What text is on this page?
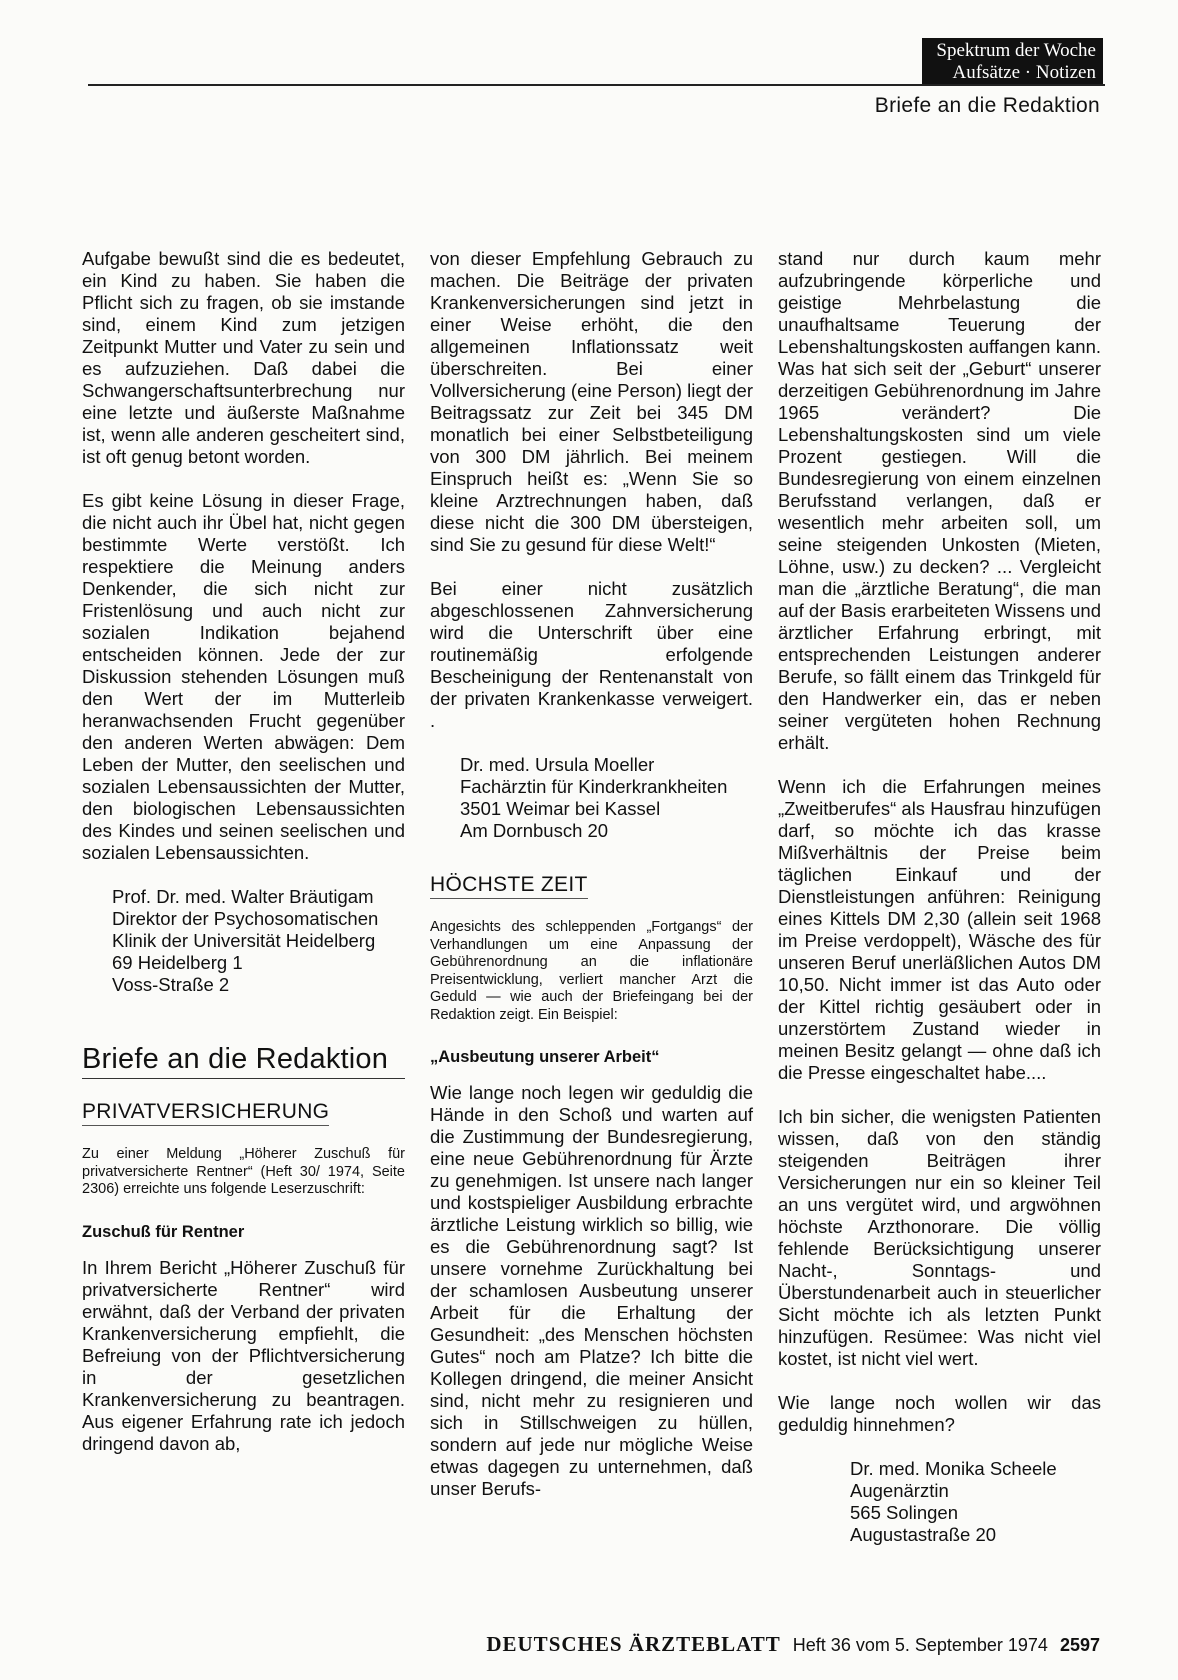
Spektrum der Woche
Aufsätze · Notizen
Briefe an die Redaktion

Aufgabe bewußt sind die es bedeutet, ein Kind zu haben. Sie haben die Pflicht sich zu fragen, ob sie imstande sind, einem Kind zum jetzigen Zeitpunkt Mutter und Vater zu sein und es aufzuziehen. Daß dabei die Schwangerschaftsunterbrechung nur eine letzte und äußerste Maßnahme ist, wenn alle anderen gescheitert sind, ist oft genug betont worden.

Es gibt keine Lösung in dieser Frage, die nicht auch ihr Übel hat, nicht gegen bestimmte Werte verstößt. Ich respektiere die Meinung anders Denkender, die sich nicht zur Fristenlösung und auch nicht zur sozialen Indikation bejahend entscheiden können. Jede der zur Diskussion stehenden Lösungen muß den Wert der im Mutterleib heranwachsenden Frucht gegenüber den anderen Werten abwägen: Dem Leben der Mutter, den seelischen und sozialen Lebensaussichten der Mutter, den biologischen Lebensaussichten des Kindes und seinen seelischen und sozialen Lebensaussichten.

Prof. Dr. med. Walter Bräutigam
Direktor der Psychosomatischen
Klinik der Universität Heidelberg
69 Heidelberg 1
Voss-Straße 2
Briefe an die Redaktion
PRIVATVERSICHERUNG

Zu einer Meldung „Höherer Zuschuß für privatversicherte Rentner“ (Heft 30/ 1974, Seite 2306) erreichte uns folgende Leserzuschrift:

Zuschuß für Rentner

In Ihrem Bericht „Höherer Zuschuß für privatversicherte Rentner“ wird erwähnt, daß der Verband der privaten Krankenversicherung empfiehlt, die Befreiung von der Pflichtversicherung in der gesetzlichen Krankenversicherung zu beantragen. Aus eigener Erfahrung rate ich jedoch dringend davon ab,

von dieser Empfehlung Gebrauch zu machen. Die Beiträge der privaten Krankenversicherungen sind jetzt in einer Weise erhöht, die den allgemeinen Inflationssatz weit überschreiten. Bei einer Vollversicherung (eine Person) liegt der Beitragssatz zur Zeit bei 345 DM monatlich bei einer Selbstbeteiligung von 300 DM jährlich. Bei meinem Einspruch heißt es: „Wenn Sie so kleine Arztrechnungen haben, daß diese nicht die 300 DM übersteigen, sind Sie zu gesund für diese Welt!“

Bei einer nicht zusätzlich abgeschlossenen Zahnversicherung wird die Unterschrift über eine routinemäßig erfolgende Bescheinigung der Rentenanstalt von der privaten Krankenkasse verweigert. .

Dr. med. Ursula Moeller
Fachärztin für Kinderkrankheiten
3501 Weimar bei Kassel
Am Dornbusch 20
HÖCHSTE ZEIT

Angesichts des schleppenden „Fortgangs“ der Verhandlungen um eine Anpassung der Gebührenordnung an die inflationäre Preisentwicklung, verliert mancher Arzt die Geduld — wie auch der Briefeingang bei der Redaktion zeigt. Ein Beispiel:

„Ausbeutung unserer Arbeit“

Wie lange noch legen wir geduldig die Hände in den Schoß und warten auf die Zustimmung der Bundesregierung, eine neue Gebührenordnung für Ärzte zu genehmigen. Ist unsere nach langer und kostspieliger Ausbildung erbrachte ärztliche Leistung wirklich so billig, wie es die Gebührenordnung sagt? Ist unsere vornehme Zurückhaltung bei der schamlosen Ausbeutung unserer Arbeit für die Erhaltung der Gesundheit: „des Menschen höchsten Gutes“ noch am Platze? Ich bitte die Kollegen dringend, die meiner Ansicht sind, nicht mehr zu resignieren und sich in Stillschweigen zu hüllen, sondern auf jede nur mögliche Weise etwas dagegen zu unternehmen, daß unser Berufs-

stand nur durch kaum mehr aufzubringende körperliche und geistige Mehrbelastung die unaufhaltsame Teuerung der Lebenshaltungskosten auffangen kann. Was hat sich seit der „Geburt“ unserer derzeitigen Gebührenordnung im Jahre 1965 verändert? Die Lebenshaltungskosten sind um viele Prozent gestiegen. Will die Bundesregierung von einem einzelnen Berufsstand verlangen, daß er wesentlich mehr arbeiten soll, um seine steigenden Unkosten (Mieten, Löhne, usw.) zu decken? ... Vergleicht man die „ärztliche Beratung“, die man auf der Basis erarbeiteten Wissens und ärztlicher Erfahrung erbringt, mit entsprechenden Leistungen anderer Berufe, so fällt einem das Trinkgeld für den Handwerker ein, das er neben seiner vergüteten hohen Rechnung erhält.

Wenn ich die Erfahrungen meines „Zweitberufes“ als Hausfrau hinzufügen darf, so möchte ich das krasse Mißverhältnis der Preise beim täglichen Einkauf und der Dienstleistungen anführen: Reinigung eines Kittels DM 2,30 (allein seit 1968 im Preise verdoppelt), Wäsche des für unseren Beruf unerläßlichen Autos DM 10,50. Nicht immer ist das Auto oder der Kittel richtig gesäubert oder in unzerstörtem Zustand wieder in meinen Besitz gelangt — ohne daß ich die Presse eingeschaltet habe....

Ich bin sicher, die wenigsten Patienten wissen, daß von den ständig steigenden Beiträgen ihrer Versicherungen nur ein so kleiner Teil an uns vergütet wird, und argwöhnen höchste Arzthonorare. Die völlig fehlende Berücksichtigung unserer Nacht-, Sonntags- und Überstundenarbeit auch in steuerlicher Sicht möchte ich als letzten Punkt hinzufügen. Resümee: Was nicht viel kostet, ist nicht viel wert.

Wie lange noch wollen wir das geduldig hinnehmen?

Dr. med. Monika Scheele
Augenärztin
565 Solingen
Augustastraße 20
DEUTSCHES ÄRZTEBLATT Heft 36 vom 5. September 1974 2597
